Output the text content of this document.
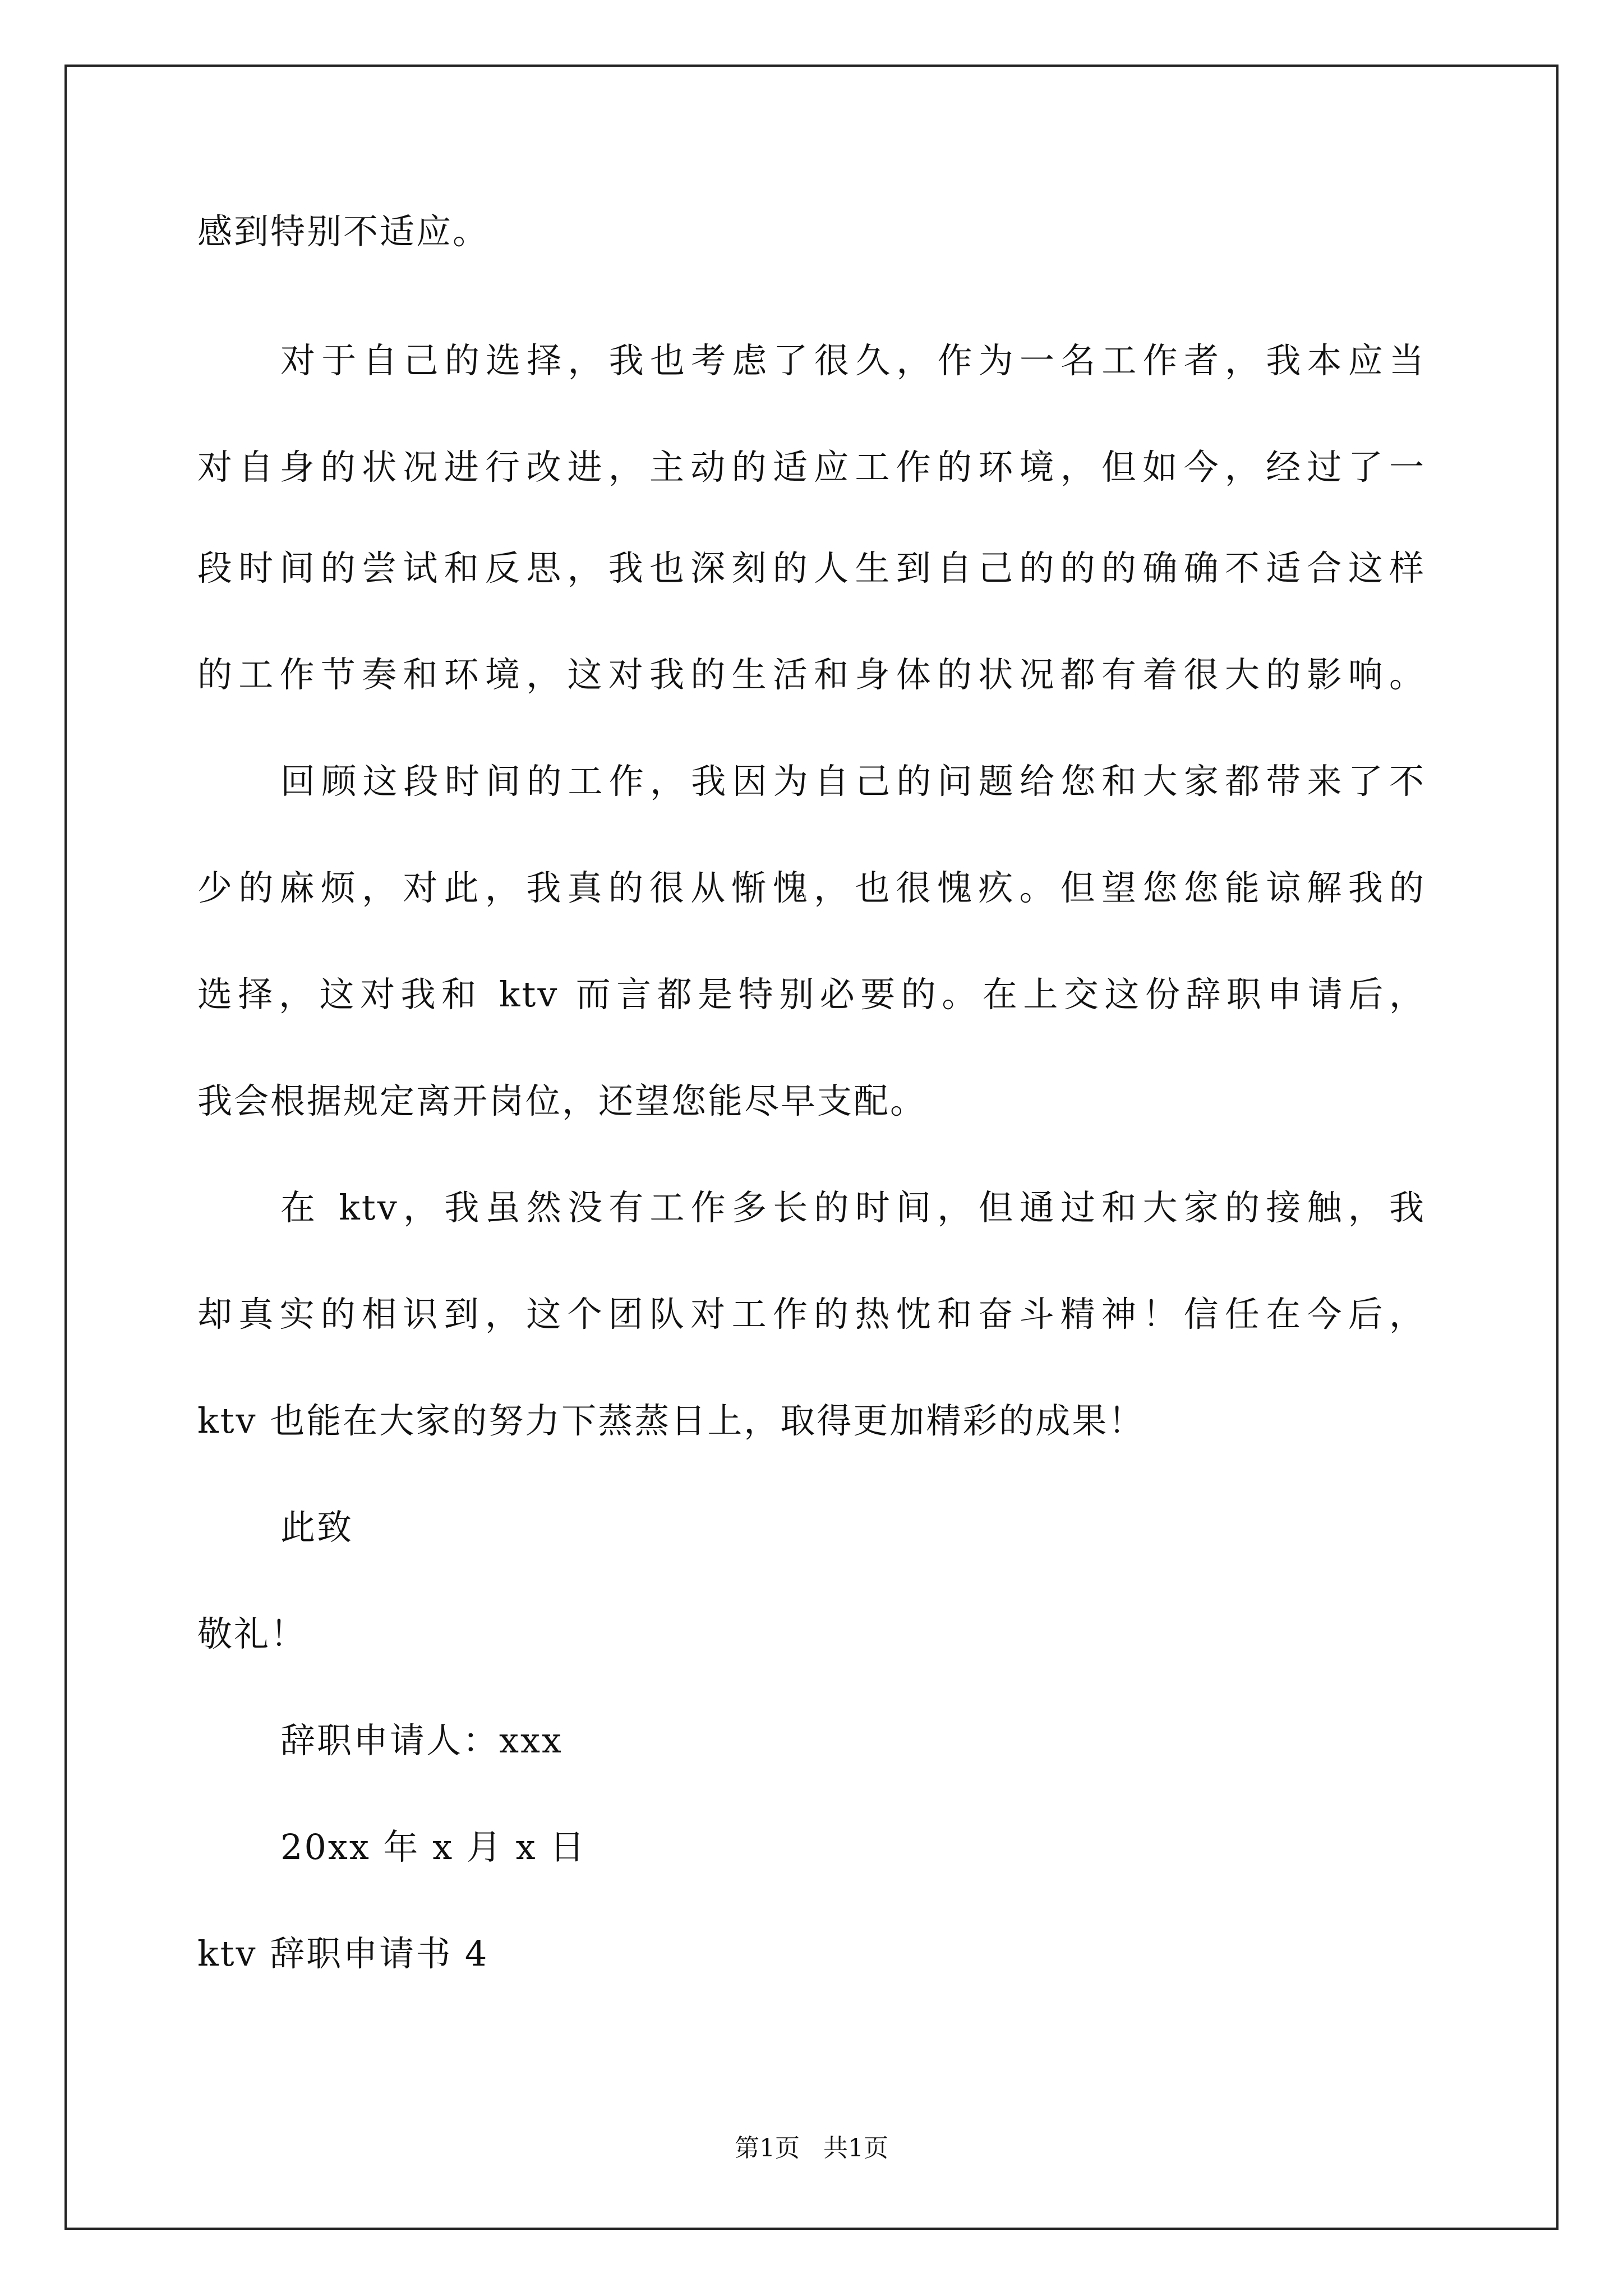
感到特别不适应。
对于自己的选择，我也考虑了很久，作为一名工作者，我本应当
对自身的状况进行改进，主动的适应工作的环境，但如今，经过了一
段时间的尝试和反思，我也深刻的人生到自己的的的确确不适合这样
的工作节奏和环境，这对我的生活和身体的状况都有着很大的影响。
回顾这段时间的工作，我因为自己的问题给您和大家都带来了不
少的麻烦，对此，我真的很从惭愧，也很愧疚。但望您您能谅解我的
选择，这对我和 ktv 而言都是特别必要的。在上交这份辞职申请后，
我会根据规定离开岗位，还望您能尽早支配。
在 ktv，我虽然没有工作多长的时间，但通过和大家的接触，我
却真实的相识到，这个团队对工作的热忱和奋斗精神！信任在今后，
ktv 也能在大家的努力下蒸蒸日上，取得更加精彩的成果！
此致
敬礼！
辞职申请人：xxx
20xx 年 x 月 x 日
ktv 辞职申请书 4
第1页   共1页
